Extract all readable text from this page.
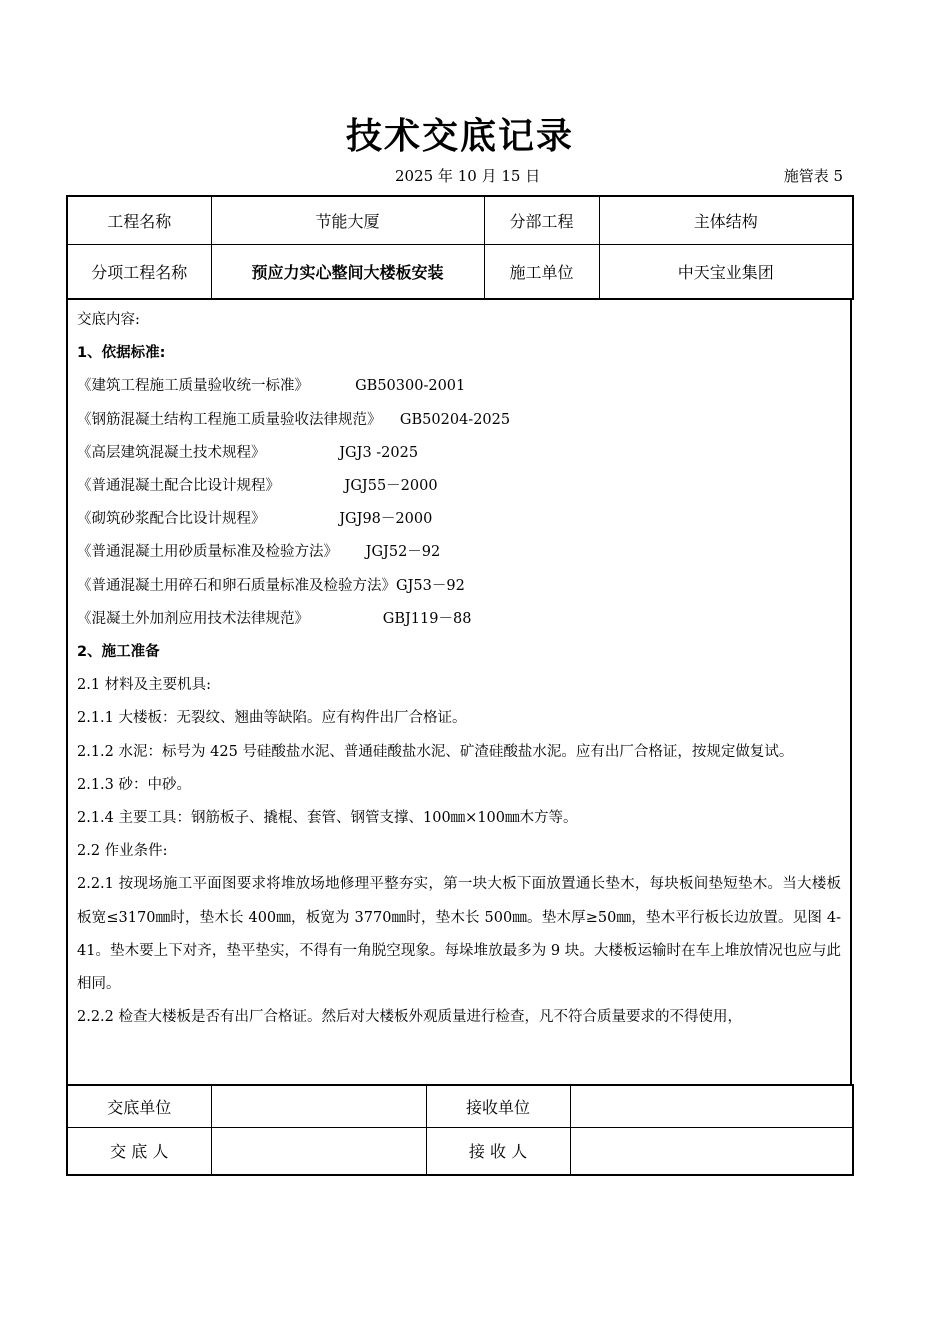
技术交底记录
2025 年 10 月 15 日	施管表 5
工程名称	节能大厦	分部工程	主体结构
分项工程名称	预应力实心整间大楼板安装	施工单位	中天宝业集团

交底内容:

1、依据标准:

《建筑工程施工质量验收统一标准》          GB50300-2001

《钢筋混凝土结构工程施工质量验收法律规范》    GB50204-2025

《高层建筑混凝土技术规程》                JGJ3 -2025

《普通混凝土配合比设计规程》              JGJ55－2000

《砌筑砂浆配合比设计规程》                JGJ98－2000

《普通混凝土用砂质量标准及检验方法》      JGJ52－92

《普通混凝土用碎石和卵石质量标准及检验方法》GJ53－92

《混凝土外加剂应用技术法律规范》                GBJ119－88

2、施工准备

2.1 材料及主要机具:

2.1.1 大楼板：无裂纹、翘曲等缺陷。应有构件出厂合格证。

2.1.2 水泥：标号为 425 号硅酸盐水泥、普通硅酸盐水泥、矿渣硅酸盐水泥。应有出厂合格证，按规定做复试。

2.1.3 砂：中砂。

2.1.4 主要工具：钢筋板子、撬棍、套管、钢管支撑、100㎜×100㎜木方等。

2.2 作业条件:

2.2.1 按现场施工平面图要求将堆放场地修理平整夯实，第一块大板下面放置通长垫木，每块板间垫短垫木。当大楼板板宽≤3170㎜时，垫木长 400㎜，板宽为 3770㎜时，垫木长 500㎜。垫木厚≥50㎜，垫木平行板长边放置。见图 4-41。垫木要上下对齐，垫平垫实，不得有一角脱空现象。每垛堆放最多为 9 块。大楼板运输时在车上堆放情况也应与此相同。

2.2.2 检查大楼板是否有出厂合格证。然后对大楼板外观质量进行检查，凡不符合质量要求的不得使用，

交底单位		接收单位	
交 底 人		接 收 人	
